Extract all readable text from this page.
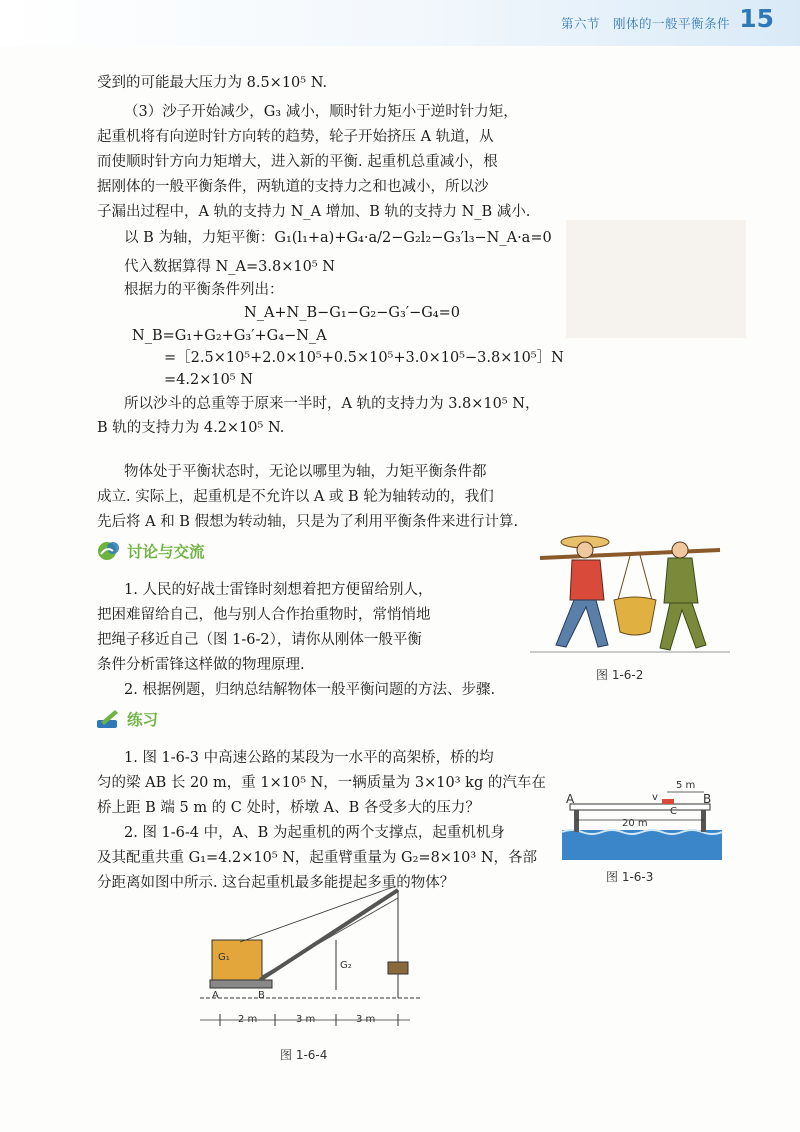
第六节　刚体的一般平衡条件 15
受到的可能最大压力为 8.5×10⁵ N.
（3）沙子开始减少，G₃ 减小，顺时针力矩小于逆时针力矩，
起重机将有向逆时针方向转的趋势，轮子开始挤压 A 轨道，从
而使顺时针方向力矩增大，进入新的平衡. 起重机总重减小，根
据刚体的一般平衡条件，两轨道的支持力之和也减小，所以沙
子漏出过程中，A 轨的支持力 N_A 增加、B 轨的支持力 N_B 减小.
以 B 为轴，力矩平衡：G₁(l₁+a)+G₄·a/2−G₂l₂−G₃′l₃−N_A·a=0
代入数据算得 N_A=3.8×10⁵ N
根据力的平衡条件列出：
N_A+N_B−G₁−G₂−G₃′−G₄=0
N_B=G₁+G₂+G₃′+G₄−N_A
=［2.5×10⁵+2.0×10⁵+0.5×10⁵+3.0×10⁵−3.8×10⁵］N
=4.2×10⁵ N
所以沙斗的总重等于原来一半时，A 轨的支持力为 3.8×10⁵ N，
B 轨的支持力为 4.2×10⁵ N.
物体处于平衡状态时，无论以哪里为轴，力矩平衡条件都
成立. 实际上，起重机是不允许以 A 或 B 轮为轴转动的，我们
先后将 A 和 B 假想为转动轴，只是为了利用平衡条件来进行计算.
讨论与交流
1. 人民的好战士雷锋时刻想着把方便留给别人，
把困难留给自己，他与别人合作抬重物时，常悄悄地
把绳子移近自己（图 1-6-2），请你从刚体一般平衡
条件分析雷锋这样做的物理原理.
2. 根据例题，归纳总结解物体一般平衡问题的方法、步骤.
图 1-6-2
练习
1. 图 1-6-3 中高速公路的某段为一水平的高架桥，桥的均
匀的梁 AB 长 20 m，重 1×10⁵ N，一辆质量为 3×10³ kg 的汽车在
桥上距 B 端 5 m 的 C 处时，桥墩 A、B 各受多大的压力？
2. 图 1-6-4 中，A、B 为起重机的两个支撑点，起重机机身
及其配重共重 G₁=4.2×10⁵ N，起重臂重量为 G₂=8×10³ N，各部
分距离如图中所示. 这台起重机最多能提起多重的物体？
A	B
C
v
5 m
20 m
图 1-6-3
G₁
G₂
A	B
2 m	3 m	3 m
图 1-6-4
